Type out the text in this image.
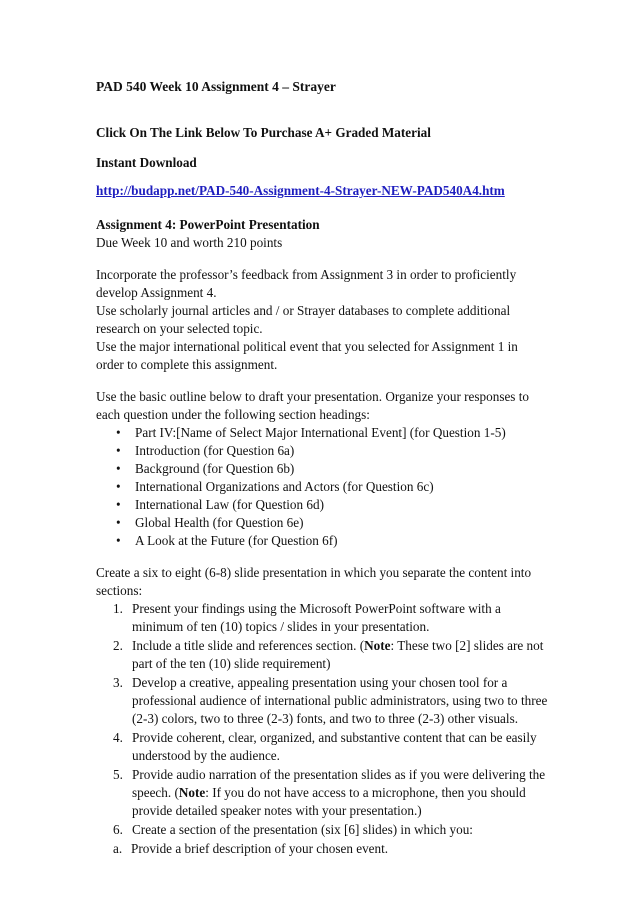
PAD 540 Week 10 Assignment 4 – Strayer

Click On The Link Below To Purchase A+ Graded Material

Instant Download

http://budapp.net/PAD-540-Assignment-4-Strayer-NEW-PAD540A4.htm

Assignment 4: PowerPoint Presentation

Due Week 10 and worth 210 points

Incorporate the professor’s feedback from Assignment 3 in order to proficiently develop Assignment 4.

Use scholarly journal articles and / or Strayer databases to complete additional research on your selected topic.

Use the major international political event that you selected for Assignment 1 in order to complete this assignment.

Use the basic outline below to draft your presentation. Organize your responses to each question under the following section headings:

• Part IV:[Name of Select Major International Event] (for Question 1-5)
• Introduction (for Question 6a)
• Background (for Question 6b)
• International Organizations and Actors (for Question 6c)
• International Law (for Question 6d)
• Global Health (for Question 6e)
• A Look at the Future (for Question 6f)

Create a six to eight (6-8) slide presentation in which you separate the content into sections:

1. Present your findings using the Microsoft PowerPoint software with a minimum of ten (10) topics / slides in your presentation.
2. Include a title slide and references section. (Note: These two [2] slides are not part of the ten (10) slide requirement)
3. Develop a creative, appealing presentation using your chosen tool for a professional audience of international public administrators, using two to three (2-3) colors, two to three (2-3) fonts, and two to three (2-3) other visuals.
4. Provide coherent, clear, organized, and substantive content that can be easily understood by the audience.
5. Provide audio narration of the presentation slides as if you were delivering the speech. (Note: If you do not have access to a microphone, then you should provide detailed speaker notes with your presentation.)
6. Create a section of the presentation (six [6] slides) in which you:
a. Provide a brief description of your chosen event.
